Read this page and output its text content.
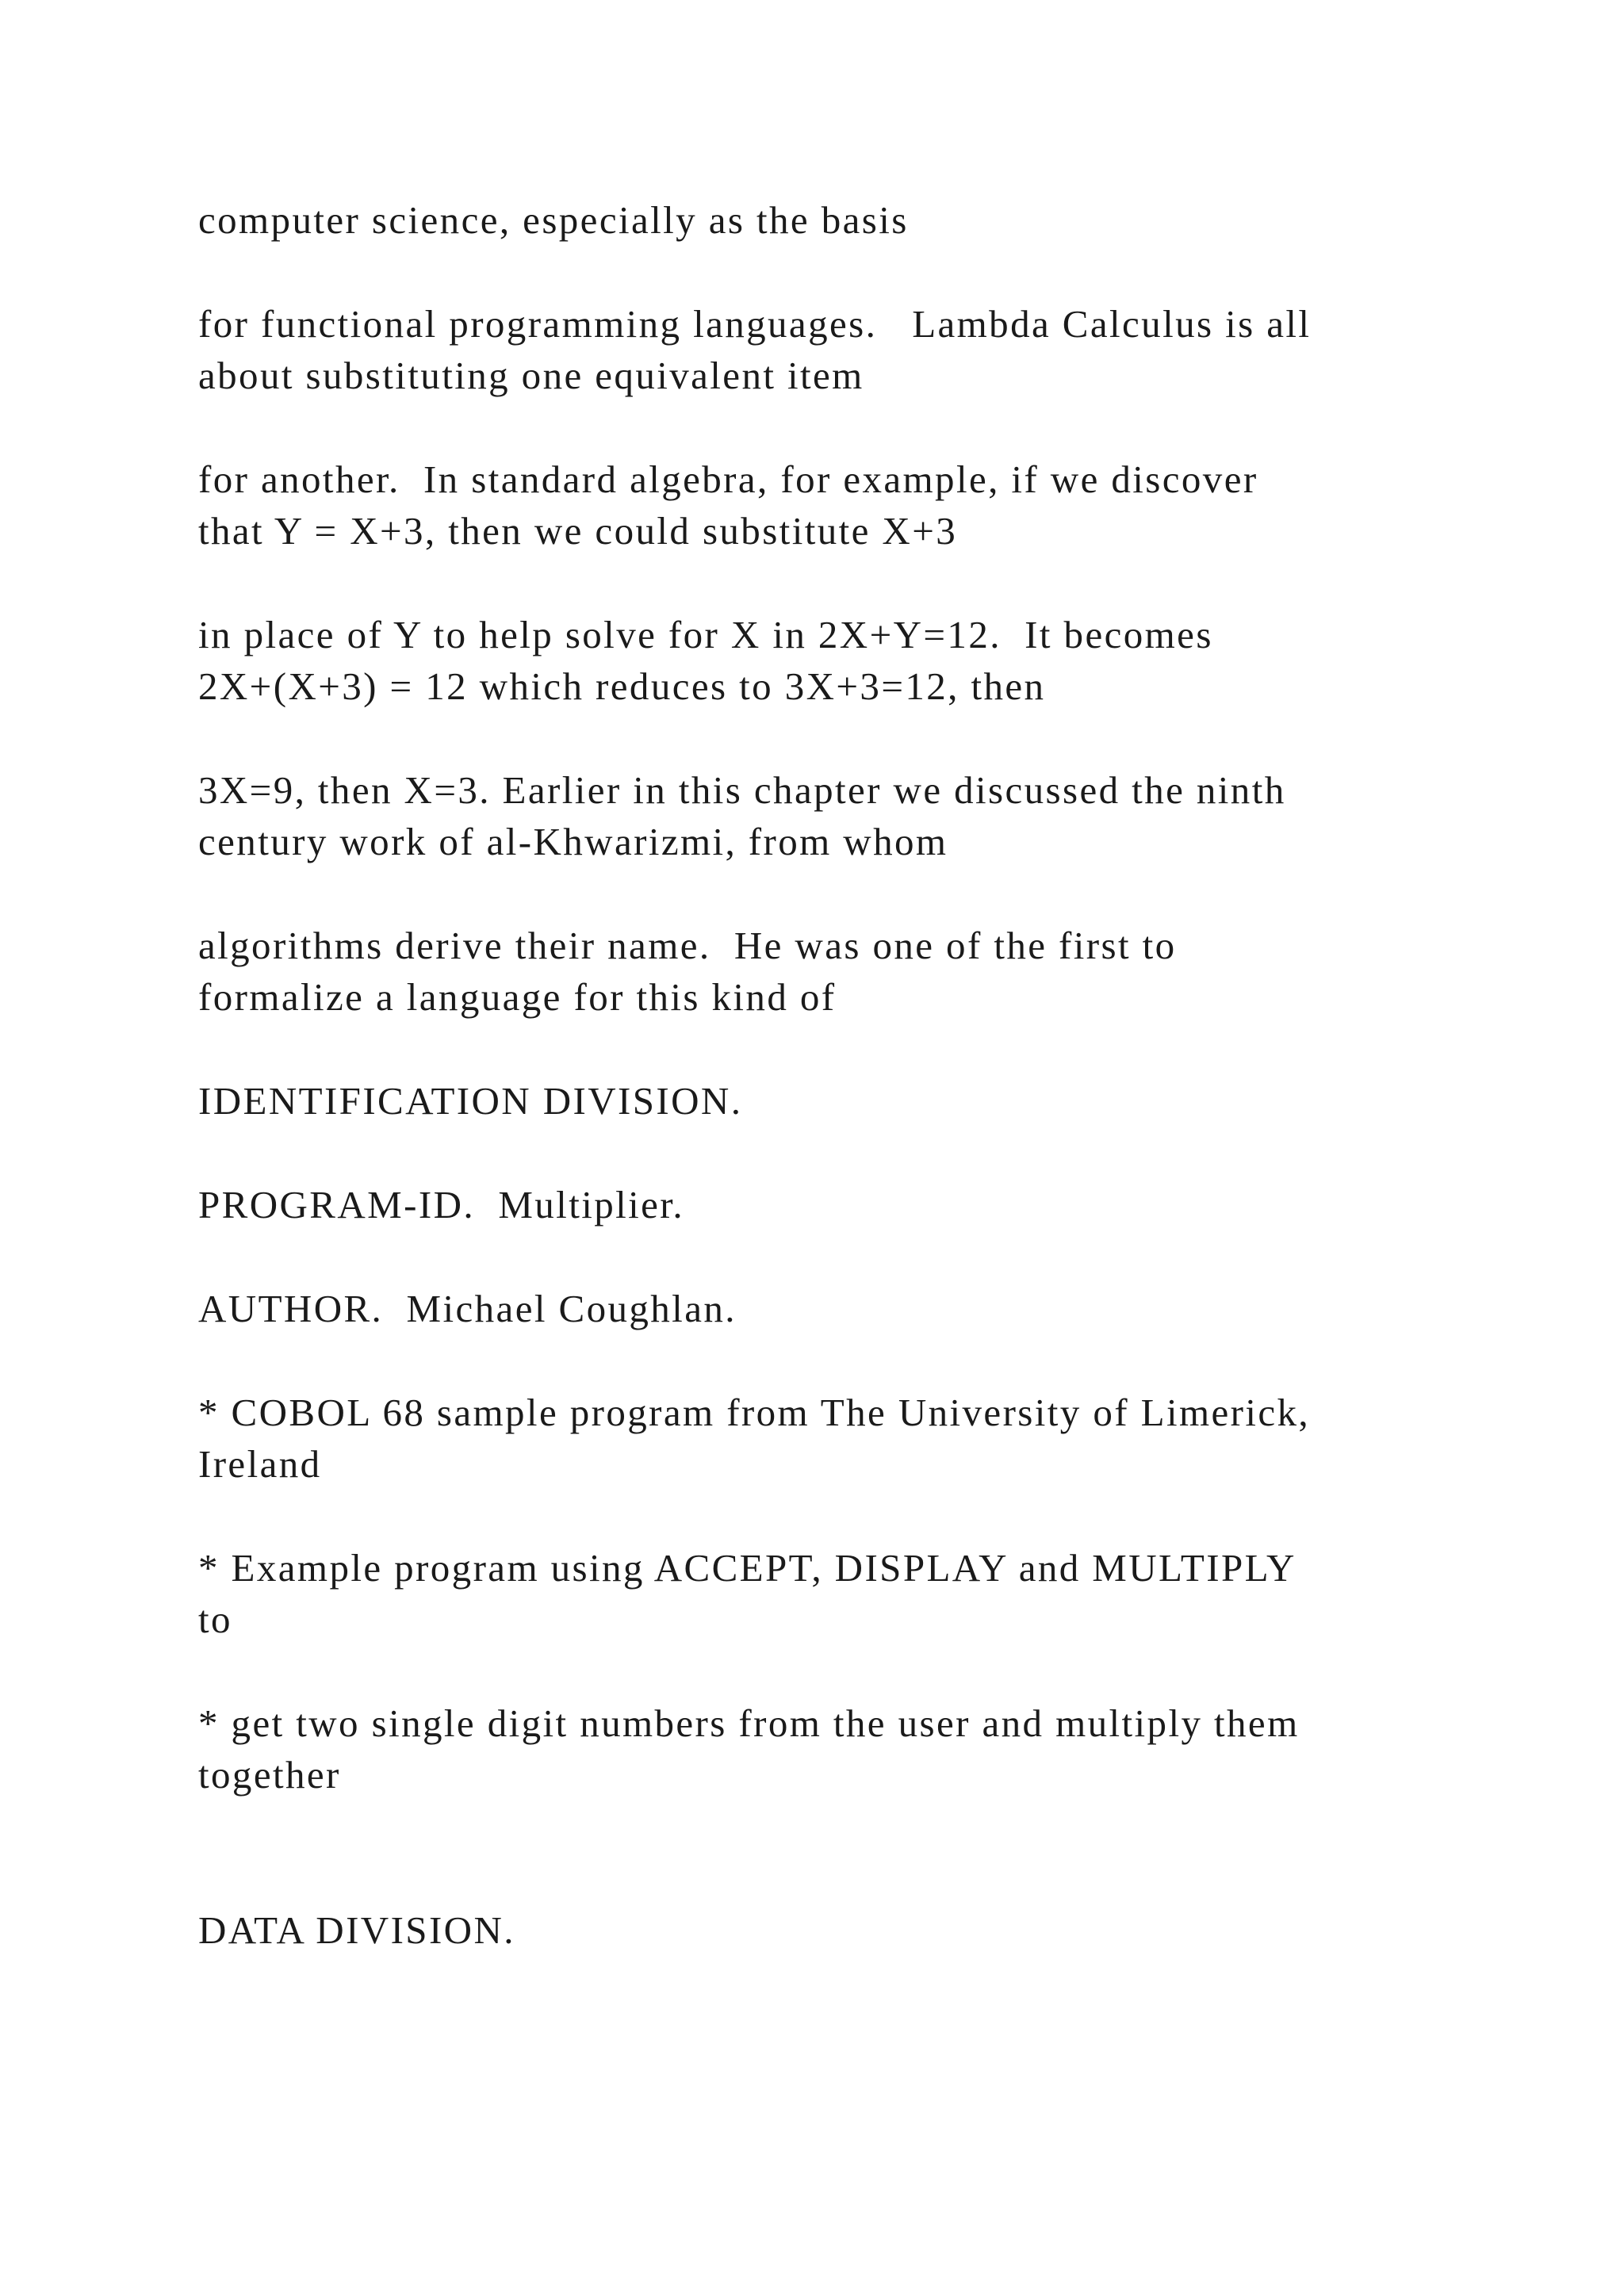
computer science, especially as the basis

for functional programming languages.   Lambda Calculus is all
about substituting one equivalent item

for another.  In standard algebra, for example, if we discover
that Y = X+3, then we could substitute X+3

in place of Y to help solve for X in 2X+Y=12.  It becomes
2X+(X+3) = 12 which reduces to 3X+3=12, then

3X=9, then X=3. Earlier in this chapter we discussed the ninth
century work of al-Khwarizmi, from whom

algorithms derive their name.  He was one of the first to
formalize a language for this kind of

IDENTIFICATION DIVISION.

PROGRAM-ID.  Multiplier.

AUTHOR.  Michael Coughlan.

* COBOL 68 sample program from The University of Limerick,
Ireland

* Example program using ACCEPT, DISPLAY and MULTIPLY
to

* get two single digit numbers from the user and multiply them
together

DATA DIVISION.
